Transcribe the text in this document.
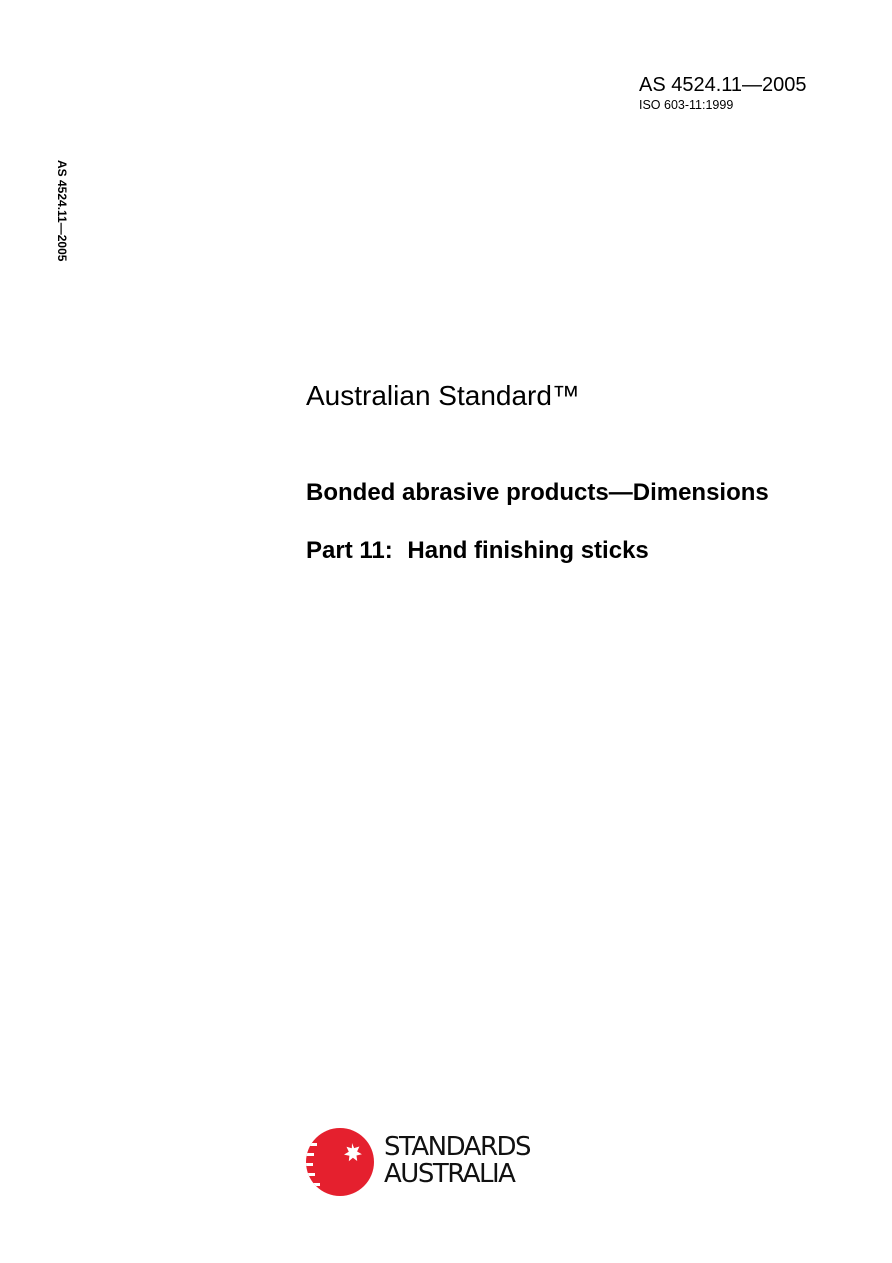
AS 4524.11—2005
ISO 603-11:1999
AS 4524.11—2005
Australian Standard™
Bonded abrasive products—Dimensions
Part 11: Hand finishing sticks
STANDARDS
AUSTRALIA
